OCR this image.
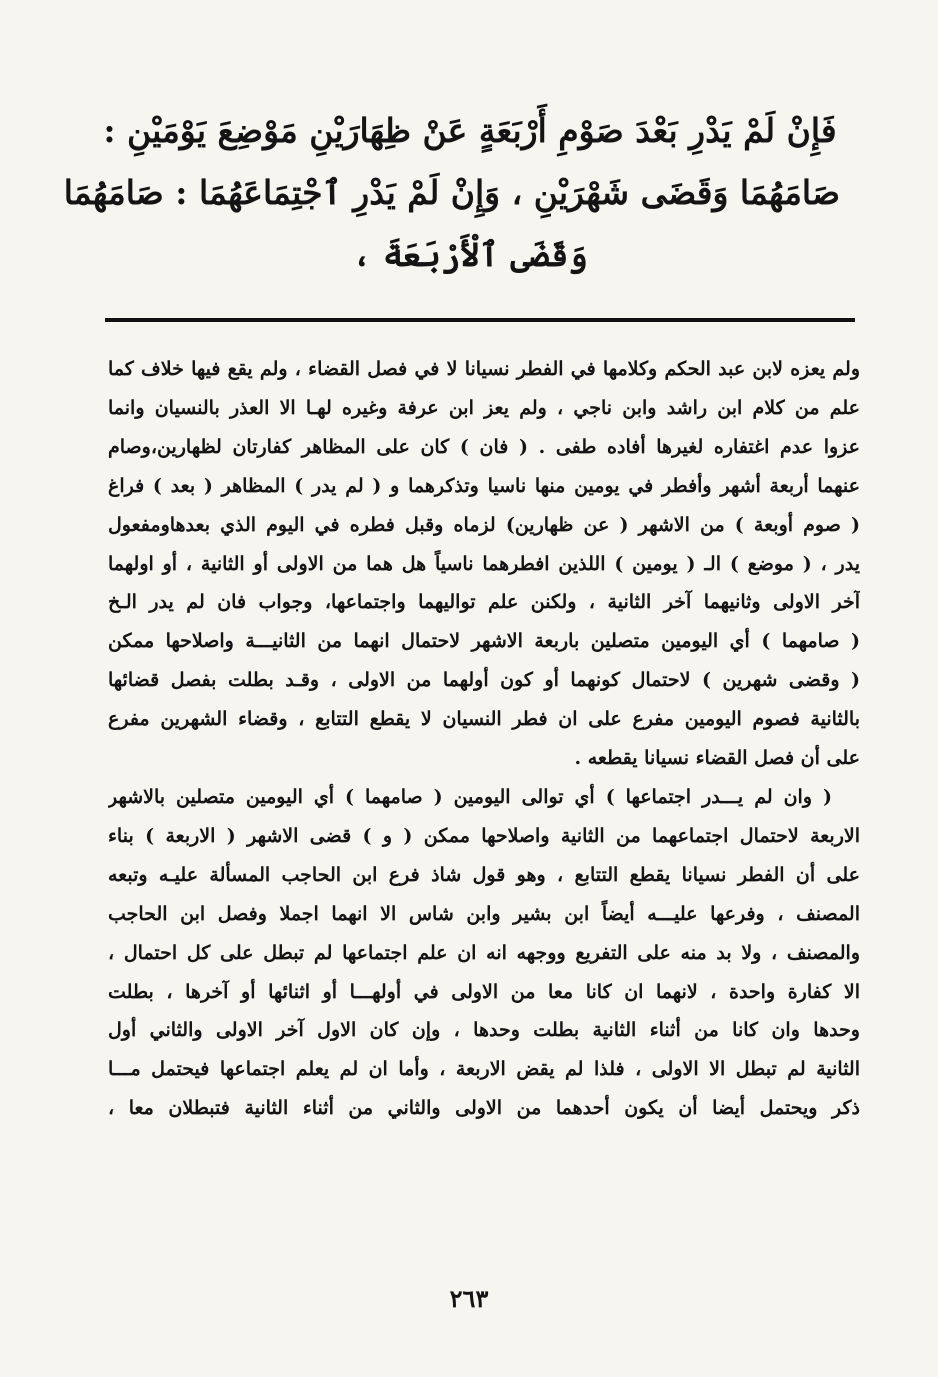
فَإِنْ لَمْ يَدْرِ بَعْدَ صَوْمِ أَرْبَعَةٍ عَنْ ظِهَارَيْنِ مَوْضِعَ يَوْمَيْنِ :
صَامَهُمَا وَقَضَى شَهْرَيْنِ ، وَإِنْ لَمْ يَدْرِ ٱجْتِمَاعَهُمَا : صَامَهُمَا
وَقَضَى ٱلْأَرْبَعَةَ ،
ولم يعزه لابن عبد الحكم وكلامها في الفطر نسيانا لا في فصل القضاء ، ولم يقع فيها خلاف كما
علم من كلام ابن راشد وابن ناجي ، ولم يعز ابن عرفة وغيره لهـا الا العذر بالنسيان وانما
عزوا عدم اغتفاره لغيرها أفاده طفى . ( فان ) كان على المظاهر كفارتان لظهارين،وصام
عنهما أربعة أشهر وأفطر في يومين منها ناسيا وتذكرهما و ( لم يدر ) المظاهر ( بعد ) فراغ
( صوم أوبعة ) من الاشهر ( عن ظهارين) لزماه وقبل فطره في اليوم الذي بعدهاومفعول
يدر ، ( موضع ) الـ ( يومين ) اللذين افطرهما ناسياً هل هما من الاولى أو الثانية ، أو اولهما
آخر الاولى وثانيهما آخر الثانية ، ولكنن علم تواليهما واجتماعها، وجواب فان لم يدر الـخ
( صامهما ) أي اليومين متصلين باربعة الاشهر لاحتمال انهما من الثانيـــة واصلاحها ممكن
( وقضى شهرين ) لاحتمال كونهما أو كون أولهما من الاولى ، وقـد بطلت بفصل قضائها
بالثانية فصوم اليومين مفرع على ان فطر النسيان لا يقطع التتابع ، وقضاء الشهرين مفرع
على أن فصل القضاء نسيانا يقطعه .
( وان لم يـــدر اجتماعها ) أي توالى اليومين ( صامهما ) أي اليومين متصلين بالاشهر
الاربعة لاحتمال اجتماعهما من الثانية واصلاحها ممكن ( و ) قضى الاشهر ( الاربعة ) بناء
على أن الفطر نسيانا يقطع التتابع ، وهو قول شاذ فرع ابن الحاجب المسألة عليـه وتبعه
المصنف ، وفرعها عليـــه أيضاً ابن بشير وابن شاس الا انهما اجملا وفصل ابن الحاجب
والمصنف ، ولا بد منه على التفريع ووجهه انه ان علم اجتماعها لم تبطل على كل احتمال ،
الا كفارة واحدة ، لانهما ان كانا معا من الاولى في أولهـــا أو اثنائها أو آخرها ، بطلت
وحدها وان كانا من أثناء الثانية بطلت وحدها ، وإن كان الاول آخر الاولى والثاني أول
الثانية لم تبطل الا الاولى ، فلذا لم يقض الاربعة ، وأما ان لم يعلم اجتماعها فيحتمل مـــا
ذكر ويحتمل أيضا أن يكون أحدهما من الاولى والثاني من أثناء الثانية فتبطلان معا ،
٢٦٣
